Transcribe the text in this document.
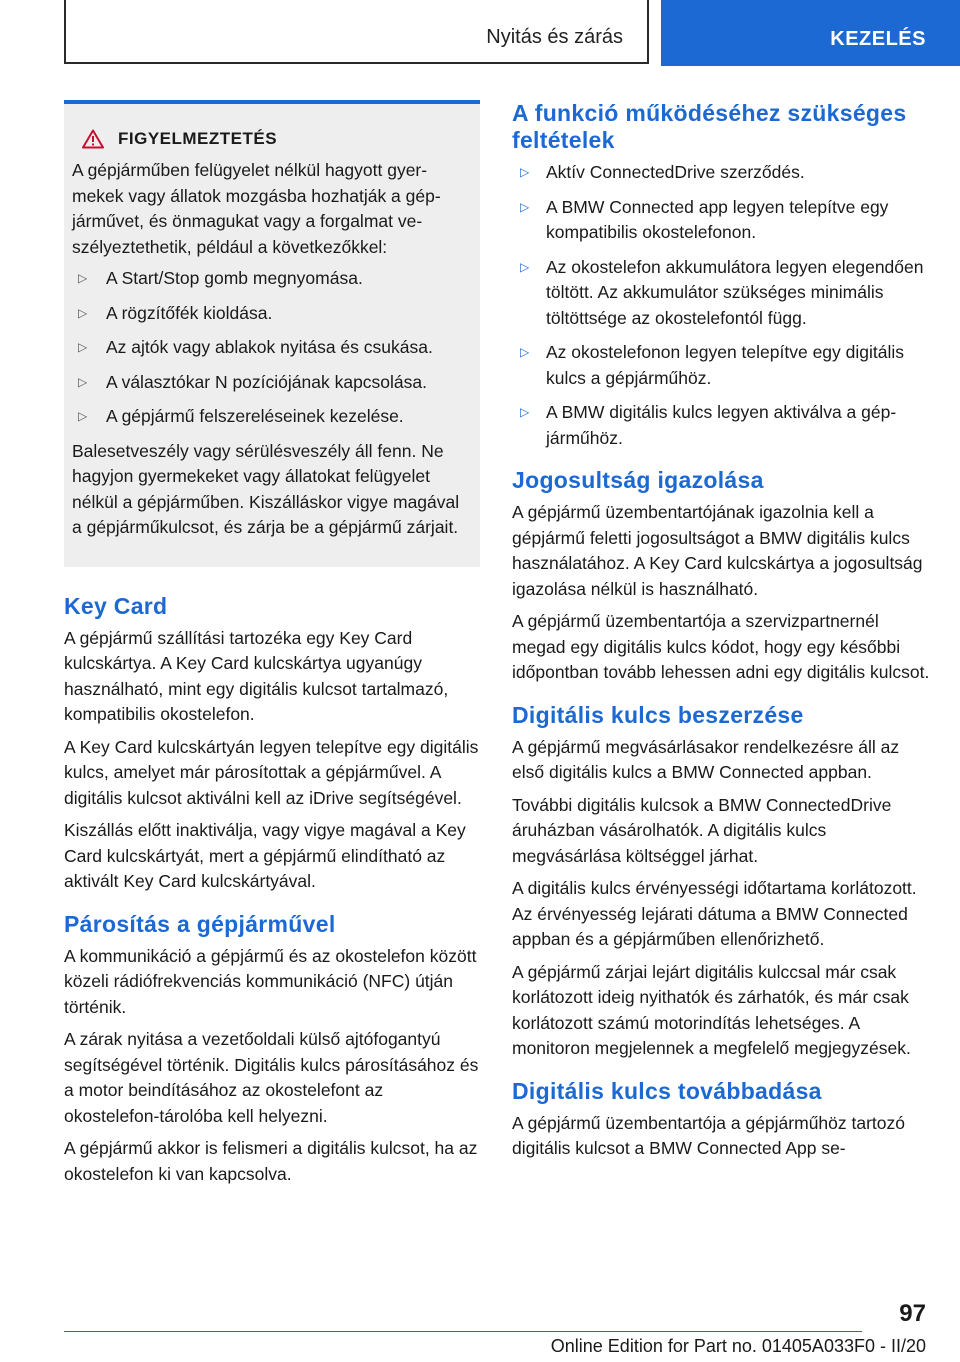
Nyitás és zárás	KEZELÉS
FIGYELMEZTETÉS

A gépjárműben felügyelet nélkül hagyott gyermekek vagy állatok mozgásba hozhatják a gépjárművet, és önmagukat vagy a forgalmat veszélyeztethetik, például a következőkkel:

▷ A Start/Stop gomb megnyomása.
▷ A rögzítőfék kioldása.
▷ Az ajtók vagy ablakok nyitása és csukása.
▷ A választókar N pozíciójának kapcsolása.
▷ A gépjármű felszereléseinek kezelése.

Balesetveszély vagy sérülésveszély áll fenn. Ne hagyjon gyermekeket vagy állatokat felügyelet nélkül a gépjárműben. Kiszálláskor vigye magával a gépjárműkulcsot, és zárja be a gépjármű zárjait.

Key Card

A gépjármű szállítási tartozéka egy Key Card kulcskártya. A Key Card kulcskártya ugyanúgy használható, mint egy digitális kulcsot tartalmazó, kompatibilis okostelefon.

A Key Card kulcskártyán legyen telepítve egy digitális kulcs, amelyet már párosítottak a gépjárművel. A digitális kulcsot aktiválni kell az iDrive segítségével.

Kiszállás előtt inaktiválja, vagy vigye magával a Key Card kulcskártyát, mert a gépjármű elindítható az aktivált Key Card kulcskártyával.

Párosítás a gépjárművel

A kommunikáció a gépjármű és az okostelefon között közeli rádiófrekvenciás kommunikáció (NFC) útján történik.

A zárak nyitása a vezetőoldali külső ajtófogantyú segítségével történik. Digitális kulcs párosításához és a motor beindításához az okostelefont az okostelefon-tárolóba kell helyezni.

A gépjármű akkor is felismeri a digitális kulcsot, ha az okostelefon ki van kapcsolva.

A funkció működéséhez szükséges feltételek
▷ Aktív ConnectedDrive szerződés.
▷ A BMW Connected app legyen telepítve egy kompatibilis okostelefonon.
▷ Az okostelefon akkumulátora legyen elegendően töltött. Az akkumulátor szükséges minimális töltöttsége az okostelefontól függ.
▷ Az okostelefonon legyen telepítve egy digitális kulcs a gépjárműhöz.
▷ A BMW digitális kulcs legyen aktiválva a gépjárműhöz.
Jogosultság igazolása

A gépjármű üzembentartójának igazolnia kell a gépjármű feletti jogosultságot a BMW digitális kulcs használatához. A Key Card kulcskártya a jogosultság igazolása nélkül is használható.

A gépjármű üzembentartója a szervizpartnernél megad egy digitális kulcs kódot, hogy egy későbbi időpontban tovább lehessen adni egy digitális kulcsot.

Digitális kulcs beszerzése

A gépjármű megvásárlásakor rendelkezésre áll az első digitális kulcs a BMW Connected appban.

További digitális kulcsok a BMW ConnectedDrive áruházban vásárolhatók. A digitális kulcs megvásárlása költséggel járhat.

A digitális kulcs érvényességi időtartama korlátozott. Az érvényesség lejárati dátuma a BMW Connected appban és a gépjárműben ellenőrizhető.

A gépjármű zárjai lejárt digitális kulccsal már csak korlátozott ideig nyithatók és zárhatók, és már csak korlátozott számú motorindítás lehetséges. A monitoron megjelennek a megfelelő megjegyzések.

Digitális kulcs továbbadása

A gépjármű üzembentartója a gépjárműhöz tartozó digitális kulcsot a BMW Connected App se-

97
Online Edition for Part no. 01405A033F0 - II/20
